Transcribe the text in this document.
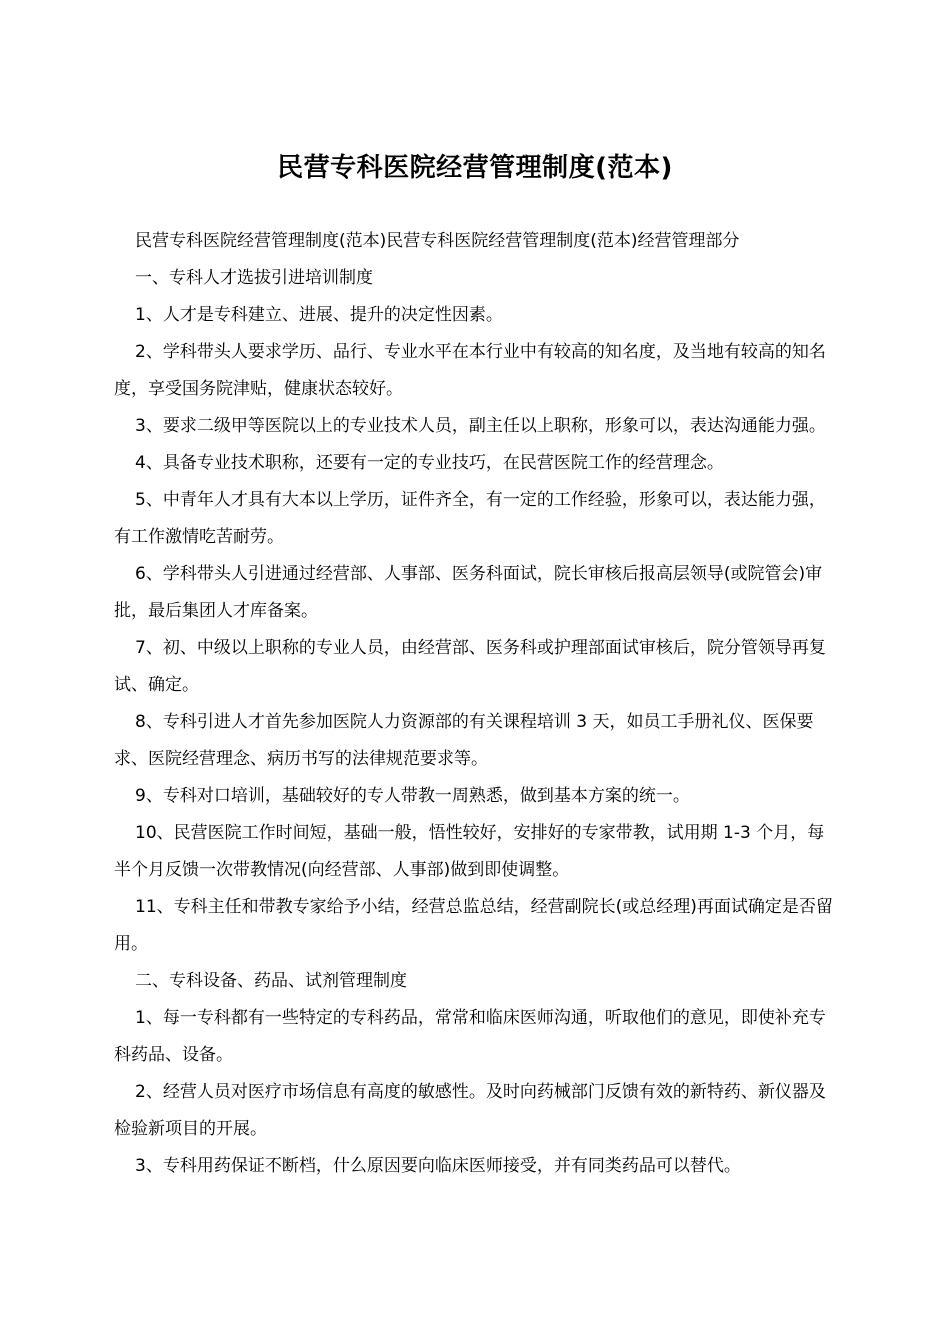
民营专科医院经营管理制度(范本)

民营专科医院经营管理制度(范本)民营专科医院经营管理制度(范本)经营管理部分

一、专科人才选拔引进培训制度

1、人才是专科建立、进展、提升的决定性因素。

2、学科带头人要求学历、品行、专业水平在本行业中有较高的知名度，及当地有较高的知名度，享受国务院津贴，健康状态较好。

3、要求二级甲等医院以上的专业技术人员，副主任以上职称，形象可以，表达沟通能力强。

4、具备专业技术职称，还要有一定的专业技巧，在民营医院工作的经营理念。

5、中青年人才具有大本以上学历，证件齐全，有一定的工作经验，形象可以，表达能力强，有工作激情吃苦耐劳。

6、学科带头人引进通过经营部、人事部、医务科面试，院长审核后报高层领导(或院管会)审批，最后集团人才库备案。

7、初、中级以上职称的专业人员，由经营部、医务科或护理部面试审核后，院分管领导再复试、确定。

8、专科引进人才首先参加医院人力资源部的有关课程培训 3 天，如员工手册礼仪、医保要求、医院经营理念、病历书写的法律规范要求等。

9、专科对口培训，基础较好的专人带教一周熟悉，做到基本方案的统一。

10、民营医院工作时间短，基础一般，悟性较好，安排好的专家带教，试用期 1-3 个月，每半个月反馈一次带教情况(向经营部、人事部)做到即使调整。

11、专科主任和带教专家给予小结，经营总监总结，经营副院长(或总经理)再面试确定是否留用。

二、专科设备、药品、试剂管理制度

1、每一专科都有一些特定的专科药品，常常和临床医师沟通，听取他们的意见，即使补充专科药品、设备。

2、经营人员对医疗市场信息有高度的敏感性。及时向药械部门反馈有效的新特药、新仪器及检验新项目的开展。

3、专科用药保证不断档，什么原因要向临床医师接受，并有同类药品可以替代。
